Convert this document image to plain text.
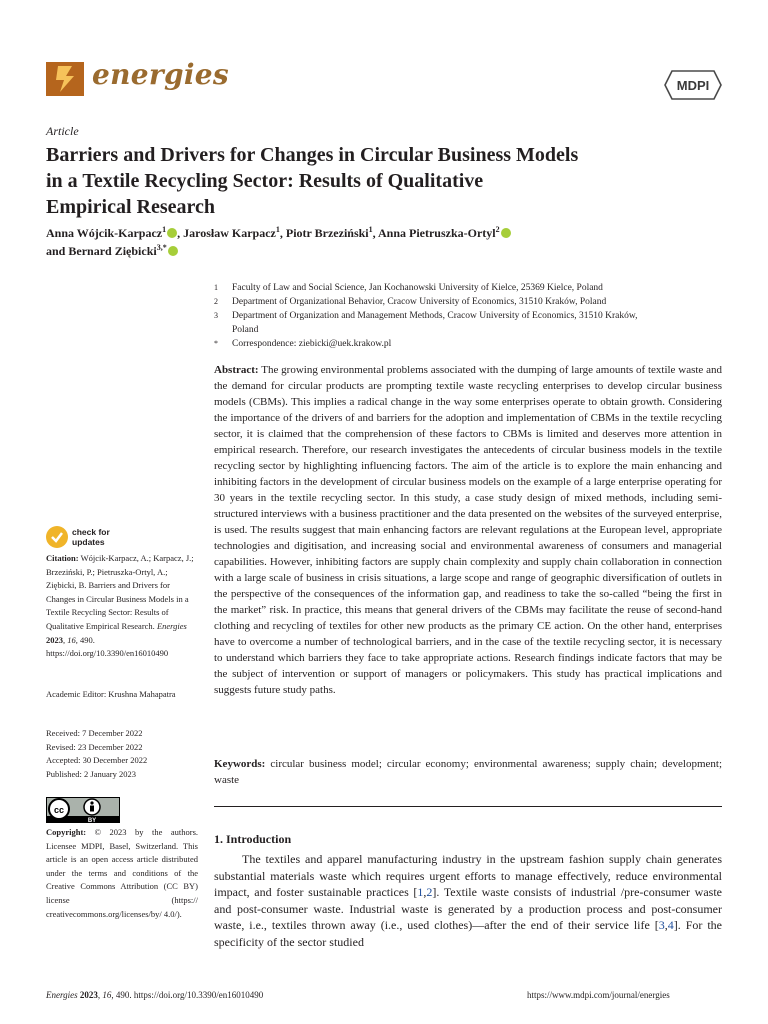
energies	MDPI
Article
Barriers and Drivers for Changes in Circular Business Models
in a Textile Recycling Sector: Results of Qualitative
Empirical Research
Anna Wójcik-Karpacz$^1$ , Jarosław Karpacz$^1$, Piotr Brzeziński$^1$, Anna Pietruszka-Ortyl$^2$
and Bernard Ziębicki$^{3,*}$
1	Faculty of Law and Social Science, Jan Kochanowski University of Kielce, 25369 Kielce, Poland
2	Department of Organizational Behavior, Cracow University of Economics, 31510 Kraków, Poland
3	Department of Organization and Management Methods, Cracow University of Economics, 31510 Kraków, Poland
*	Correspondence: ziebicki@uek.krakow.pl

Abstract: The growing environmental problems associated with the dumping of large amounts of textile waste and the demand for circular products are prompting textile waste recycling enterprises to develop circular business models (CBMs). This implies a radical change in the way some enterprises operate to obtain growth. Considering the importance of the drivers of and barriers for the adoption and implementation of CBMs in the textile recycling sector, it is claimed that the comprehension of these factors to CBMs is limited and deserves more attention in empirical research. Therefore, our research investigates the antecedents of circular business models in the textile recycling sector by highlighting influencing factors. The aim of the article is to explore the main enhancing and inhibiting factors in the development of circular business models on the example of a large enterprise operating for 30 years in the textile recycling sector. In this study, a case study design of mixed methods, including semi-structured interviews with a business practitioner and the data presented on the websites of the surveyed enterprise, is used. The results suggest that main enhancing factors are relevant regulations at the European level, appropriate technologies and digitisation, and increasing social and environmental awareness of consumers and managerial capabilities. However, inhibiting factors are supply chain complexity and supply chain collaboration in connection with a large scale of business in crisis situations, a large scope and range of geographic diversification of outlets in the perspective of the consequences of the information gap, and readiness to take the so-called “being the first in the market” risk. In practice, this means that general drivers of the CBMs may facilitate the reuse of second-hand clothing and recycling of textiles for other new products as the primary CE action. On the other hand, enterprises have to overcome a number of technological barriers, and in the case of the textile recycling sector, it is necessary to understand which barriers they face to take appropriate actions. Research findings indicate factors that may be the subject of intervention or support of managers or policymakers. This study has practical implications and suggests future study paths.

Keywords: circular business model; circular economy; environmental awareness; supply chain; development; waste

1. Introduction

The textiles and apparel manufacturing industry in the upstream fashion supply chain generates substantial materials waste which requires urgent efforts to manage effectively, reduce environmental impact, and foster sustainable practices [1,2]. Textile waste consists of industrial /pre-consumer waste and post-consumer waste. Industrial waste is generated by a production process and post-consumer waste, i.e., textiles thrown away (i.e., used clothes)—after the end of their service life [3,4]. For the specificity of the sector studied

check for
updates
Citation: Wójcik-Karpacz, A.; Karpacz, J.; Brzeziński, P.; Pietruszka-Ortyl, A.; Ziębicki, B. Barriers and Drivers for Changes in Circular Business Models in a Textile Recycling Sector: Results of Qualitative Empirical Research. Energies 2023, 16, 490. https://doi.org/10.3390/en16010490
Academic Editor: Krushna Mahapatra
Received: 7 December 2022
Revised: 23 December 2022
Accepted: 30 December 2022
Published: 2 January 2023
cc
BY
Copyright: © 2023 by the authors. Licensee MDPI, Basel, Switzerland. This article is an open access article distributed under the terms and conditions of the Creative Commons Attribution (CC BY) license (https:// creativecommons.org/licenses/by/ 4.0/).
Energies 2023, 16, 490. https://doi.org/10.3390/en16010490	https://www.mdpi.com/journal/energies
